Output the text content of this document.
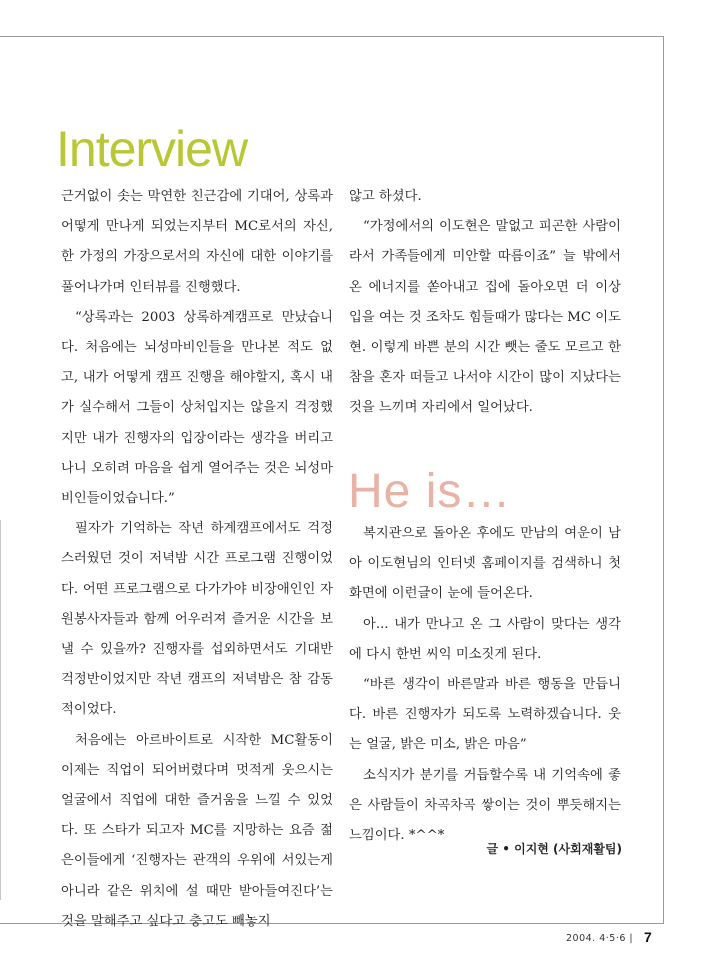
Interview

근거없이 솟는 막연한 친근감에 기대어, 상록과 어떻게 만나게 되었는지부터 MC로서의 자신, 한 가정의 가장으로서의 자신에 대한 이야기를 풀어나가며 인터뷰를 진행했다.

“상록과는 2003 상록하계캠프로 만났습니다. 처음에는 뇌성마비인들을 만나본 적도 없고, 내가 어떻게 캠프 진행을 해야할지, 혹시 내가 실수해서 그들이 상처입지는 않을지 걱정했지만 내가 진행자의 입장이라는 생각을 버리고 나니 오히려 마음을 쉽게 열어주는 것은 뇌성마비인들이었습니다.”

필자가 기억하는 작년 하계캠프에서도 걱정스러웠던 것이 저녁밤 시간 프로그램 진행이었다. 어떤 프로그램으로 다가가야 비장애인인 자원봉사자들과 함께 어우러져 즐거운 시간을 보낼 수 있을까? 진행자를 섭외하면서도 기대반 걱정반이었지만 작년 캠프의 저녁밤은 참 감동적이었다.

처음에는 아르바이트로 시작한 MC활동이 이제는 직업이 되어버렸다며 멋적게 웃으시는 얼굴에서 직업에 대한 즐거움을 느낄 수 있었다. 또 스타가 되고자 MC를 지망하는 요즘 젊은이들에게 ‘진행자는 관객의 우위에 서있는게 아니라 같은 위치에 설 때만 받아들여진다’는 것을 말해주고 싶다고 충고도 빼놓지

않고 하셨다.

“가정에서의 이도현은 말없고 피곤한 사람이라서 가족들에게 미안할 따름이죠” 늘 밖에서 온 에너지를 쏟아내고 집에 돌아오면 더 이상 입을 여는 것 조차도 힘들때가 많다는 MC 이도현. 이렇게 바쁜 분의 시간 뺏는 줄도 모르고 한참을 혼자 떠들고 나서야 시간이 많이 지났다는 것을 느끼며 자리에서 일어났다.

He is…

복지관으로 돌아온 후에도 만남의 여운이 남아 이도현님의 인터넷 홈페이지를 검색하니 첫 화면에 이런글이 눈에 들어온다.

아... 내가 만나고 온 그 사람이 맞다는 생각에 다시 한번 씨익 미소짓게 된다.

“바른 생각이 바른말과 바른 행동을 만듭니다. 바른 진행자가 되도록 노력하겠습니다. 웃는 얼굴, 밝은 미소, 밝은 마음”

소식지가 분기를 거듭할수록 내 기억속에 좋은 사람들이 차곡차곡 쌓이는 것이 뿌듯해지는 느낌이다. *^^*

글 • 이지현 (사회재활팀)
2004. 4·5·6 | 7
